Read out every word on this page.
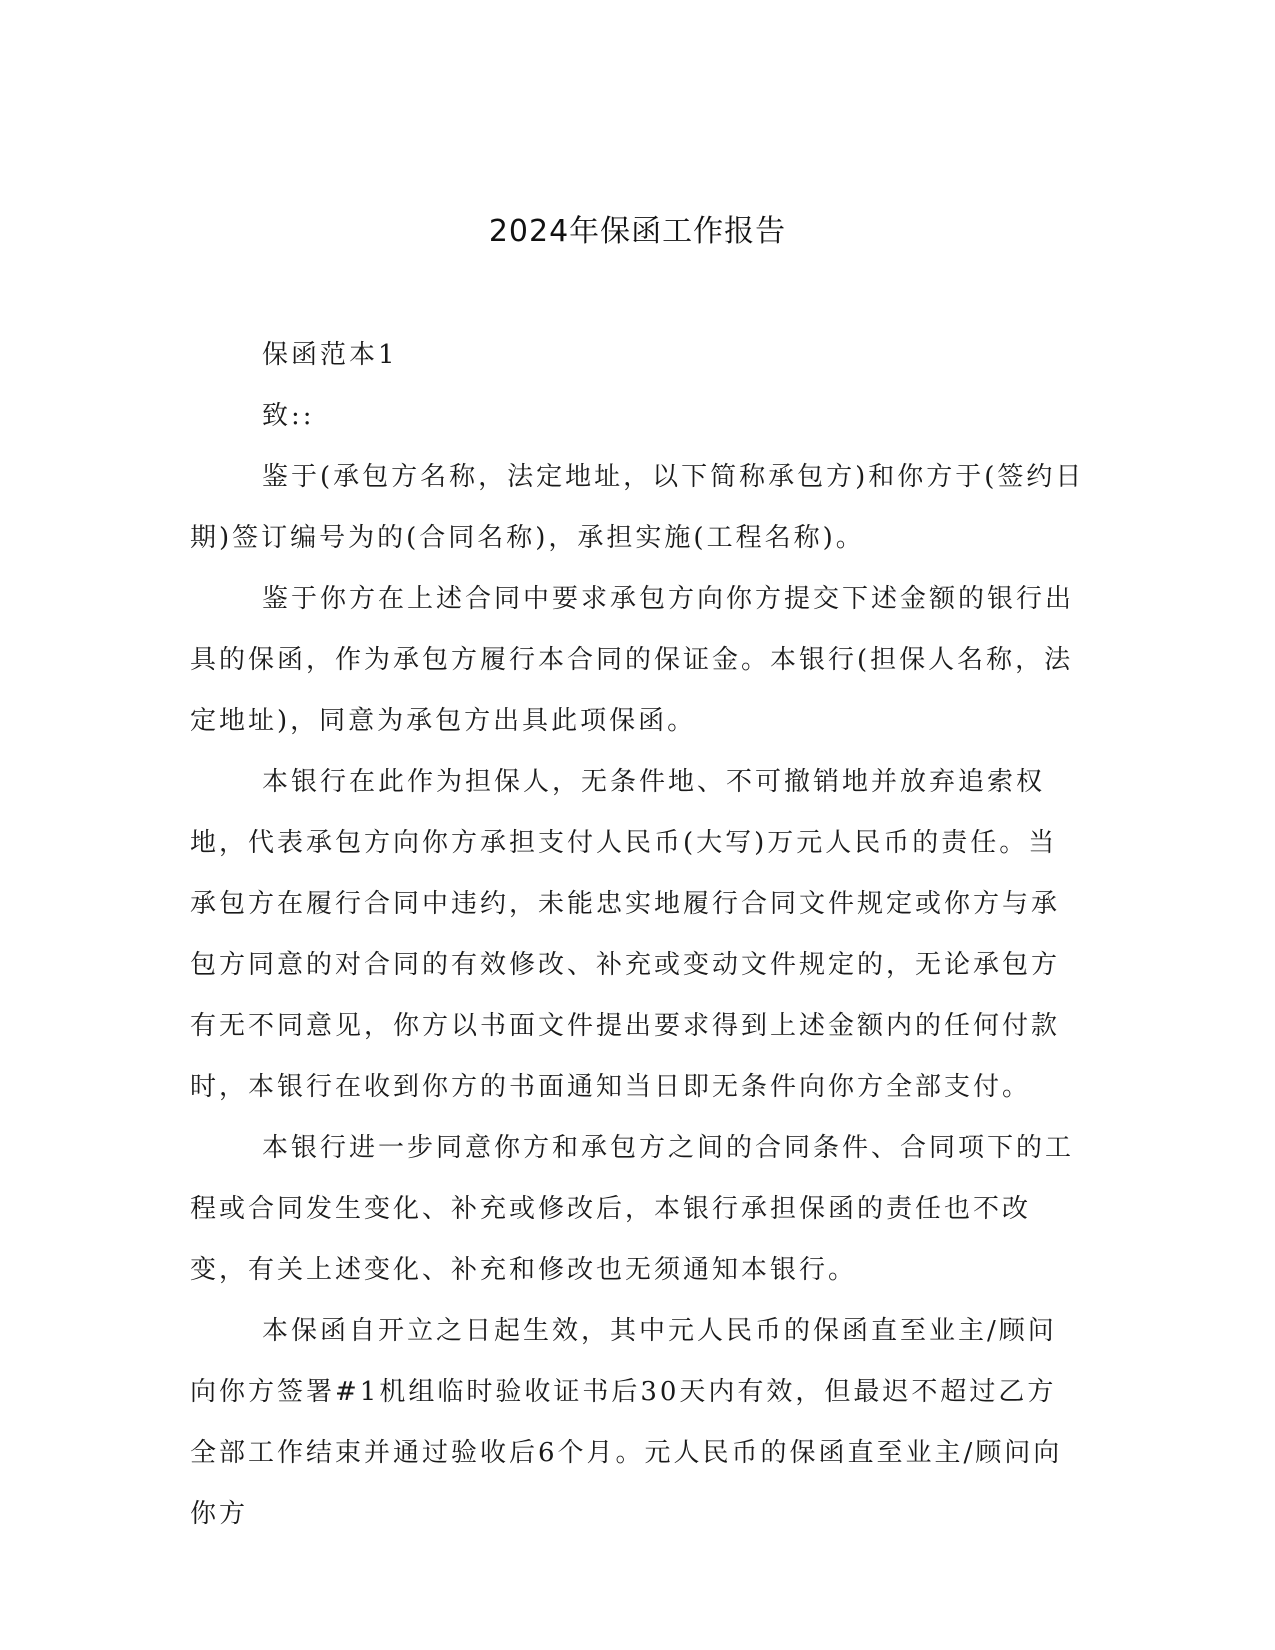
2024年保函工作报告

保函范本1

致::

鉴于(承包方名称，法定地址，以下简称承包方)和你方于(签约日期)签订编号为的(合同名称)，承担实施(工程名称)。

鉴于你方在上述合同中要求承包方向你方提交下述金额的银行出具的保函，作为承包方履行本合同的保证金。本银行(担保人名称，法定地址)，同意为承包方出具此项保函。

本银行在此作为担保人，无条件地、不可撤销地并放弃追索权地，代表承包方向你方承担支付人民币(大写)万元人民币的责任。当承包方在履行合同中违约，未能忠实地履行合同文件规定或你方与承包方同意的对合同的有效修改、补充或变动文件规定的，无论承包方有无不同意见，你方以书面文件提出要求得到上述金额内的任何付款时，本银行在收到你方的书面通知当日即无条件向你方全部支付。

本银行进一步同意你方和承包方之间的合同条件、合同项下的工程或合同发生变化、补充或修改后，本银行承担保函的责任也不改变，有关上述变化、补充和修改也无须通知本银行。

本保函自开立之日起生效，其中元人民币的保函直至业主/顾问向你方签署#1机组临时验收证书后30天内有效，但最迟不超过乙方全部工作结束并通过验收后6个月。元人民币的保函直至业主/顾问向你方
